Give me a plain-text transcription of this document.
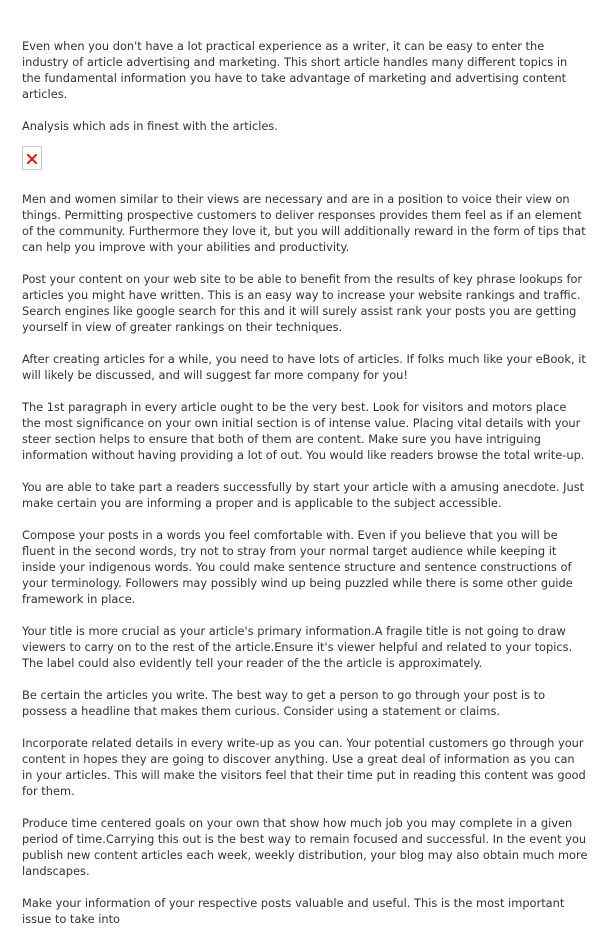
Even when you don't have a lot practical experience as a writer, it can be easy to enter the industry of article advertising and marketing. This short article handles many different topics in the fundamental information you have to take advantage of marketing and advertising content articles.

Analysis which ads in finest with the articles.

Men and women similar to their views are necessary and are in a position to voice their view on things. Permitting prospective customers to deliver responses provides them feel as if an element of the community. Furthermore they love it, but you will additionally reward in the form of tips that can help you improve with your abilities and productivity.

Post your content on your web site to be able to benefit from the results of key phrase lookups for articles you might have written. This is an easy way to increase your website rankings and traffic. Search engines like google search for this and it will surely assist rank your posts you are getting yourself in view of greater rankings on their techniques.

After creating articles for a while, you need to have lots of articles. If folks much like your eBook, it will likely be discussed, and will suggest far more company for you!

The 1st paragraph in every article ought to be the very best. Look for visitors and motors place the most significance on your own initial section is of intense value. Placing vital details with your steer section helps to ensure that both of them are content. Make sure you have intriguing information without having providing a lot of out. You would like readers browse the total write-up.

You are able to take part a readers successfully by start your article with a amusing anecdote. Just make certain you are informing a proper and is applicable to the subject accessible.

Compose your posts in a words you feel comfortable with. Even if you believe that you will be fluent in the second words, try not to stray from your normal target audience while keeping it inside your indigenous words. You could make sentence structure and sentence constructions of your terminology. Followers may possibly wind up being puzzled while there is some other guide framework in place.

Your title is more crucial as your article's primary information.A fragile title is not going to draw viewers to carry on to the rest of the article.Ensure it's viewer helpful and related to your topics. The label could also evidently tell your reader of the the article is approximately.

Be certain the articles you write. The best way to get a person to go through your post is to possess a headline that makes them curious. Consider using a statement or claims.

Incorporate related details in every write-up as you can. Your potential customers go through your content in hopes they are going to discover anything. Use a great deal of information as you can in your articles. This will make the visitors feel that their time put in reading this content was good for them.

Produce time centered goals on your own that show how much job you may complete in a given period of time.Carrying this out is the best way to remain focused and successful. In the event you publish new content articles each week, weekly distribution, your blog may also obtain much more landscapes.

Make your information of your respective posts valuable and useful. This is the most important issue to take into
